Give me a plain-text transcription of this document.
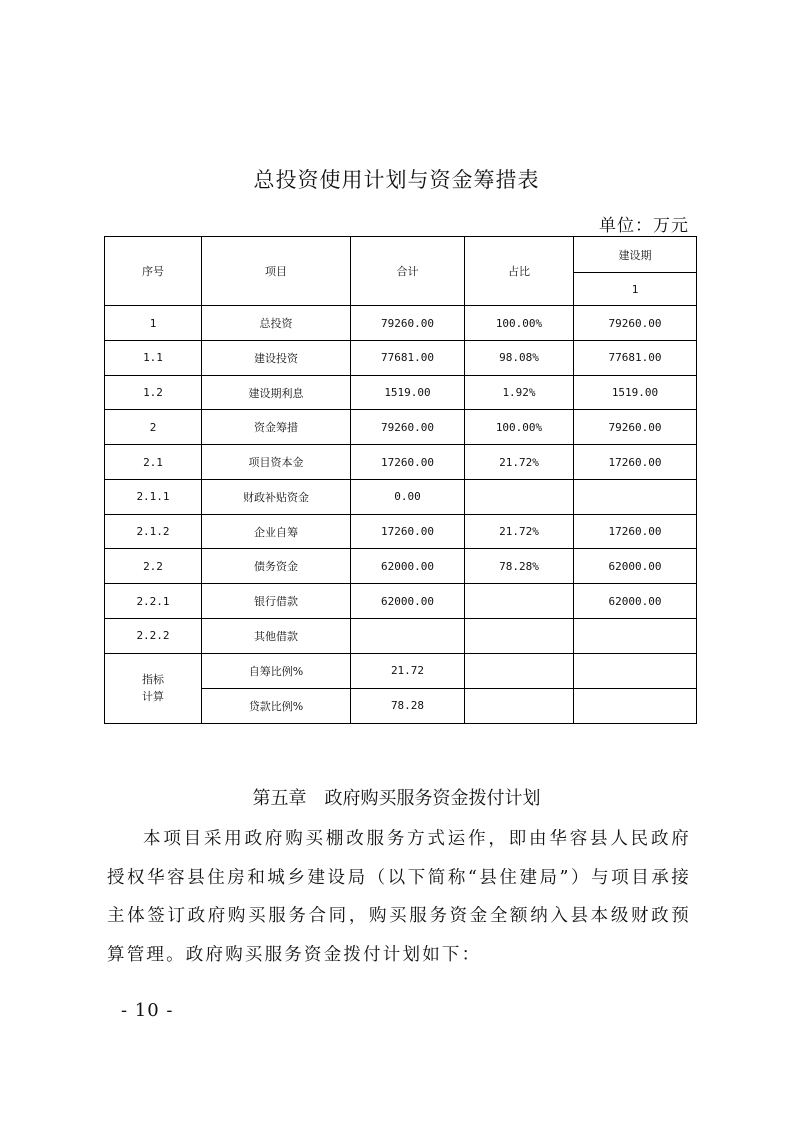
总投资使用计划与资金筹措表
单位：万元
序号	项目	合计	占比	建设期
				1
1	总投资	79260.00	100.00%	79260.00
1.1	建设投资	77681.00	98.08%	77681.00
1.2	建设期利息	1519.00	1.92%	1519.00
2	资金筹措	79260.00	100.00%	79260.00
2.1	项目资本金	17260.00	21.72%	17260.00
2.1.1	财政补贴资金	0.00		
2.1.2	企业自筹	17260.00	21.72%	17260.00
2.2	债务资金	62000.00	78.28%	62000.00
2.2.1	银行借款	62000.00		62000.00
2.2.2	其他借款			

指标
计算	自筹比例%	21.72		
	贷款比例%	78.28		
第五章　政府购买服务资金拨付计划
本项目采用政府购买棚改服务方式运作，即由华容县人民政府授权华容县住房和城乡建设局（以下简称“县住建局”）与项目承接主体签订政府购买服务合同，购买服务资金全额纳入县本级财政预算管理。政府购买服务资金拨付计划如下：
- 10 -
